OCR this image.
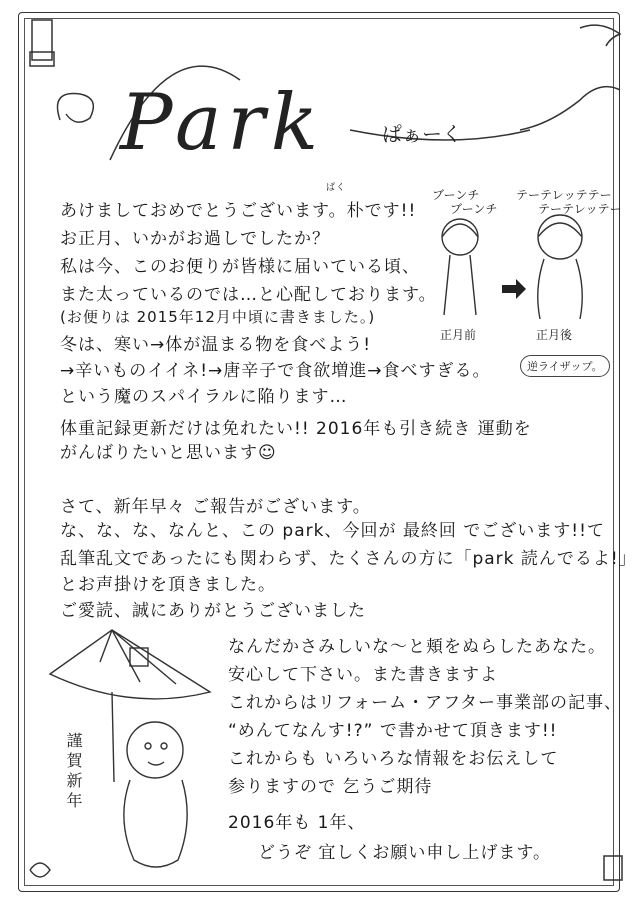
Park	ぱぁーく
ぱく
あけましておめでとうございます。朴です!!
お正月、いかがお過しでしたか？
私は今、このお便りが皆様に届いている頃、
また太っているのでは…と心配しております。
(お便りは 2015年12月中頃に書きました。)
冬は、寒い→体が温まる物を食べよう!
→辛いものイイネ!→唐辛子で食欲増進→食べすぎる。
という魔のスパイラルに陥ります…
体重記録更新だけは免れたい!! 2016年も引き続き 運動を
がんばりたいと思います☺
ブーンチ
ブーンチ
テーテレッテテー
テーテレッテー
正月前	正月後
逆ライザップ。
さて、新年早々 ご報告がございます。
な、な、な、なんと、この park、今回が 最終回 でございます!!て
乱筆乱文であったにも関わらず、たくさんの方に「park 読んでるよ!」
とお声掛けを頂きました。
ご愛読、誠にありがとうございました
なんだかさみしいな〜と頬をぬらしたあなた。
安心して下さい。また書きますよ
これからはリフォーム・アフター事業部の記事、
“めんてなんす!?” で書かせて頂きます!!
これからも いろいろな情報をお伝えして
参りますので 乞うご期待
2016年も 1年、
どうぞ 宜しくお願い申し上げます。
謹賀新年
